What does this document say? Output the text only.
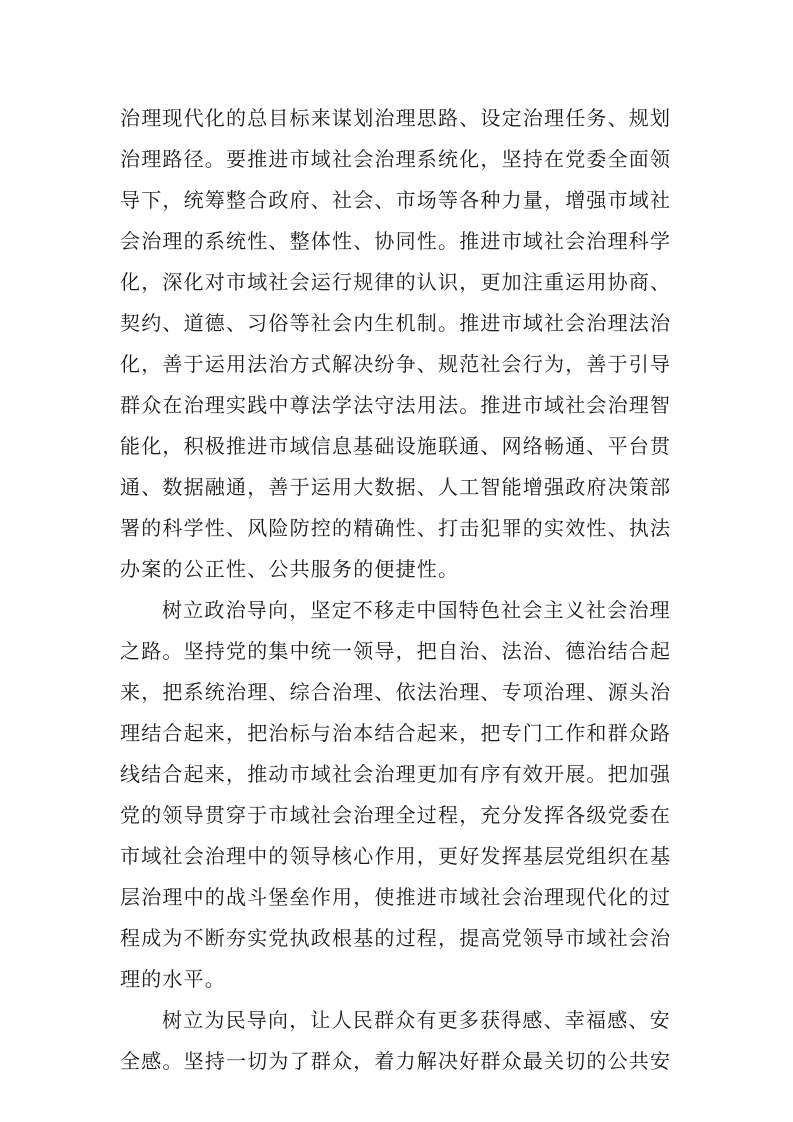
治理现代化的总目标来谋划治理思路、设定治理任务、规划
治理路径。要推进市域社会治理系统化，坚持在党委全面领
导下，统筹整合政府、社会、市场等各种力量，增强市域社
会治理的系统性、整体性、协同性。推进市域社会治理科学
化，深化对市域社会运行规律的认识，更加注重运用协商、
契约、道德、习俗等社会内生机制。推进市域社会治理法治
化，善于运用法治方式解决纷争、规范社会行为，善于引导
群众在治理实践中尊法学法守法用法。推进市域社会治理智
能化，积极推进市域信息基础设施联通、网络畅通、平台贯
通、数据融通，善于运用大数据、人工智能增强政府决策部
署的科学性、风险防控的精确性、打击犯罪的实效性、执法
办案的公正性、公共服务的便捷性。
树立政治导向，坚定不移走中国特色社会主义社会治理
之路。坚持党的集中统一领导，把自治、法治、德治结合起
来，把系统治理、综合治理、依法治理、专项治理、源头治
理结合起来，把治标与治本结合起来，把专门工作和群众路
线结合起来，推动市域社会治理更加有序有效开展。把加强
党的领导贯穿于市域社会治理全过程，充分发挥各级党委在
市域社会治理中的领导核心作用，更好发挥基层党组织在基
层治理中的战斗堡垒作用，使推进市域社会治理现代化的过
程成为不断夯实党执政根基的过程，提高党领导市域社会治
理的水平。
树立为民导向，让人民群众有更多获得感、幸福感、安
全感。坚持一切为了群众，着力解决好群众最关切的公共安
